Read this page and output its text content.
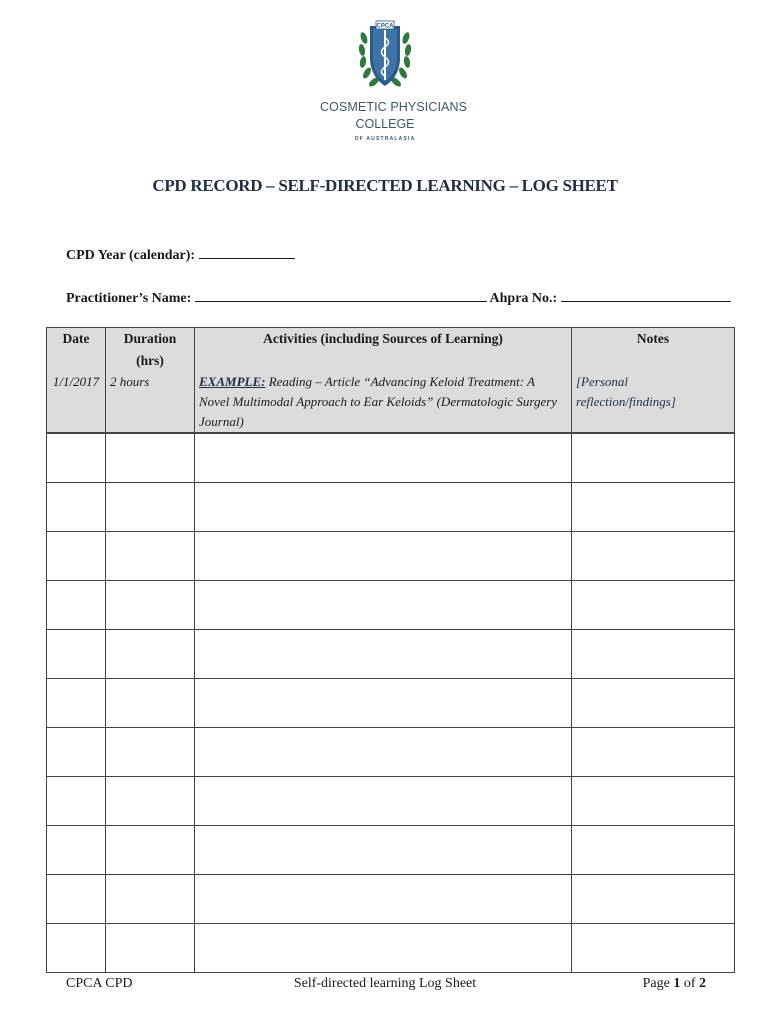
CPCA
COSMETIC PHYSICIANS
COLLEGE
OF AUSTRALASIA
CPD RECORD – SELF-DIRECTED LEARNING – LOG SHEET
CPD Year (calendar):
Practitioner’s Name:	Ahpra No.:
Date	Duration (hrs)	Activities (including Sources of Learning)	Notes
1/1/2017	2 hours	EXAMPLE: Reading – Article “Advancing Keloid Treatment: A Novel Multimodal Approach to Ear Keloids” (Dermatologic Surgery Journal)	[Personal reflection/findings]

CPCA CPD	Self-directed learning Log Sheet	Page 1 of 2
